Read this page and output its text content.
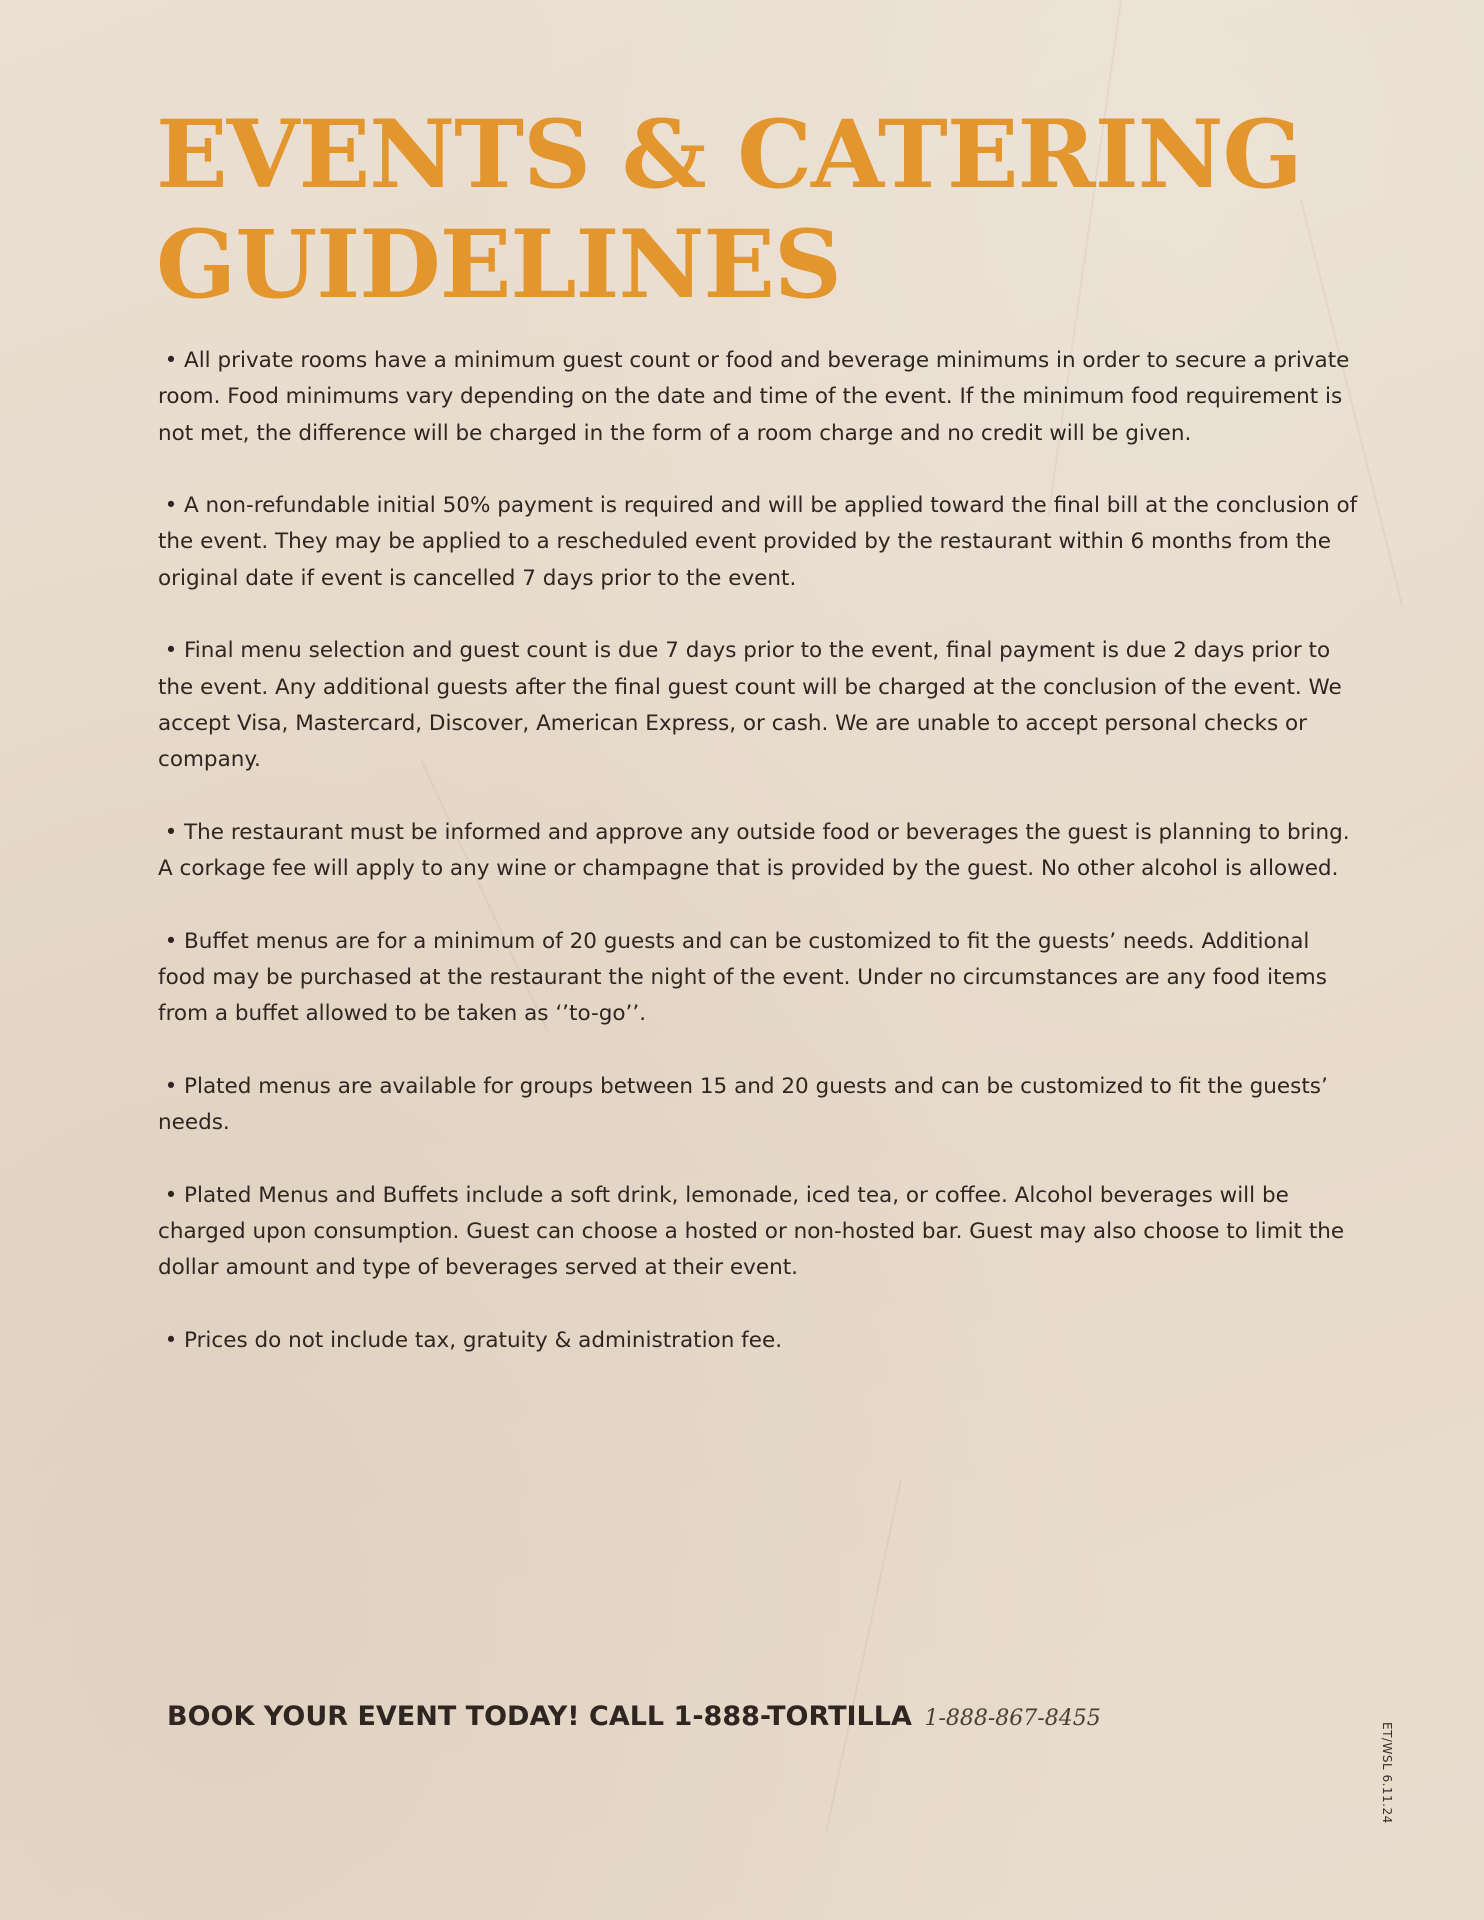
EVENTS & CATERING
GUIDELINES
• All private rooms have a minimum guest count or food and beverage minimums in order to secure a private room. Food minimums vary depending on the date and time of the event. If the minimum food requirement is not met, the difference will be charged in the form of a room charge and no credit will be given.
• A non-refundable initial 50% payment is required and will be applied toward the final bill at the conclusion of the event. They may be applied to a rescheduled event provided by the restaurant within 6 months from the original date if event is cancelled 7 days prior to the event.
• Final menu selection and guest count is due 7 days prior to the event, final payment is due 2 days prior to the event. Any additional guests after the final guest count will be charged at the conclusion of the event. We accept Visa, Mastercard, Discover, American Express, or cash. We are unable to accept personal checks or company.
• The restaurant must be informed and approve any outside food or beverages the guest is planning to bring. A corkage fee will apply to any wine or champagne that is provided by the guest. No other alcohol is allowed.
• Buffet menus are for a minimum of 20 guests and can be customized to fit the guests’ needs. Additional food may be purchased at the restaurant the night of the event. Under no circumstances are any food items from a buffet allowed to be taken as ‘’to-go’’.
• Plated menus are available for groups between 15 and 20 guests and can be customized to fit the guests’ needs.
• Plated Menus and Buffets include a soft drink, lemonade, iced tea, or coffee. Alcohol beverages will be charged upon consumption. Guest can choose a hosted or non-hosted bar. Guest may also choose to limit the dollar amount and type of beverages served at their event.
• Prices do not include tax, gratuity & administration fee.
BOOK YOUR EVENT TODAY! CALL 1-888-TORTILLA 1-888-867-8455
ET/WSL 6.11.24
